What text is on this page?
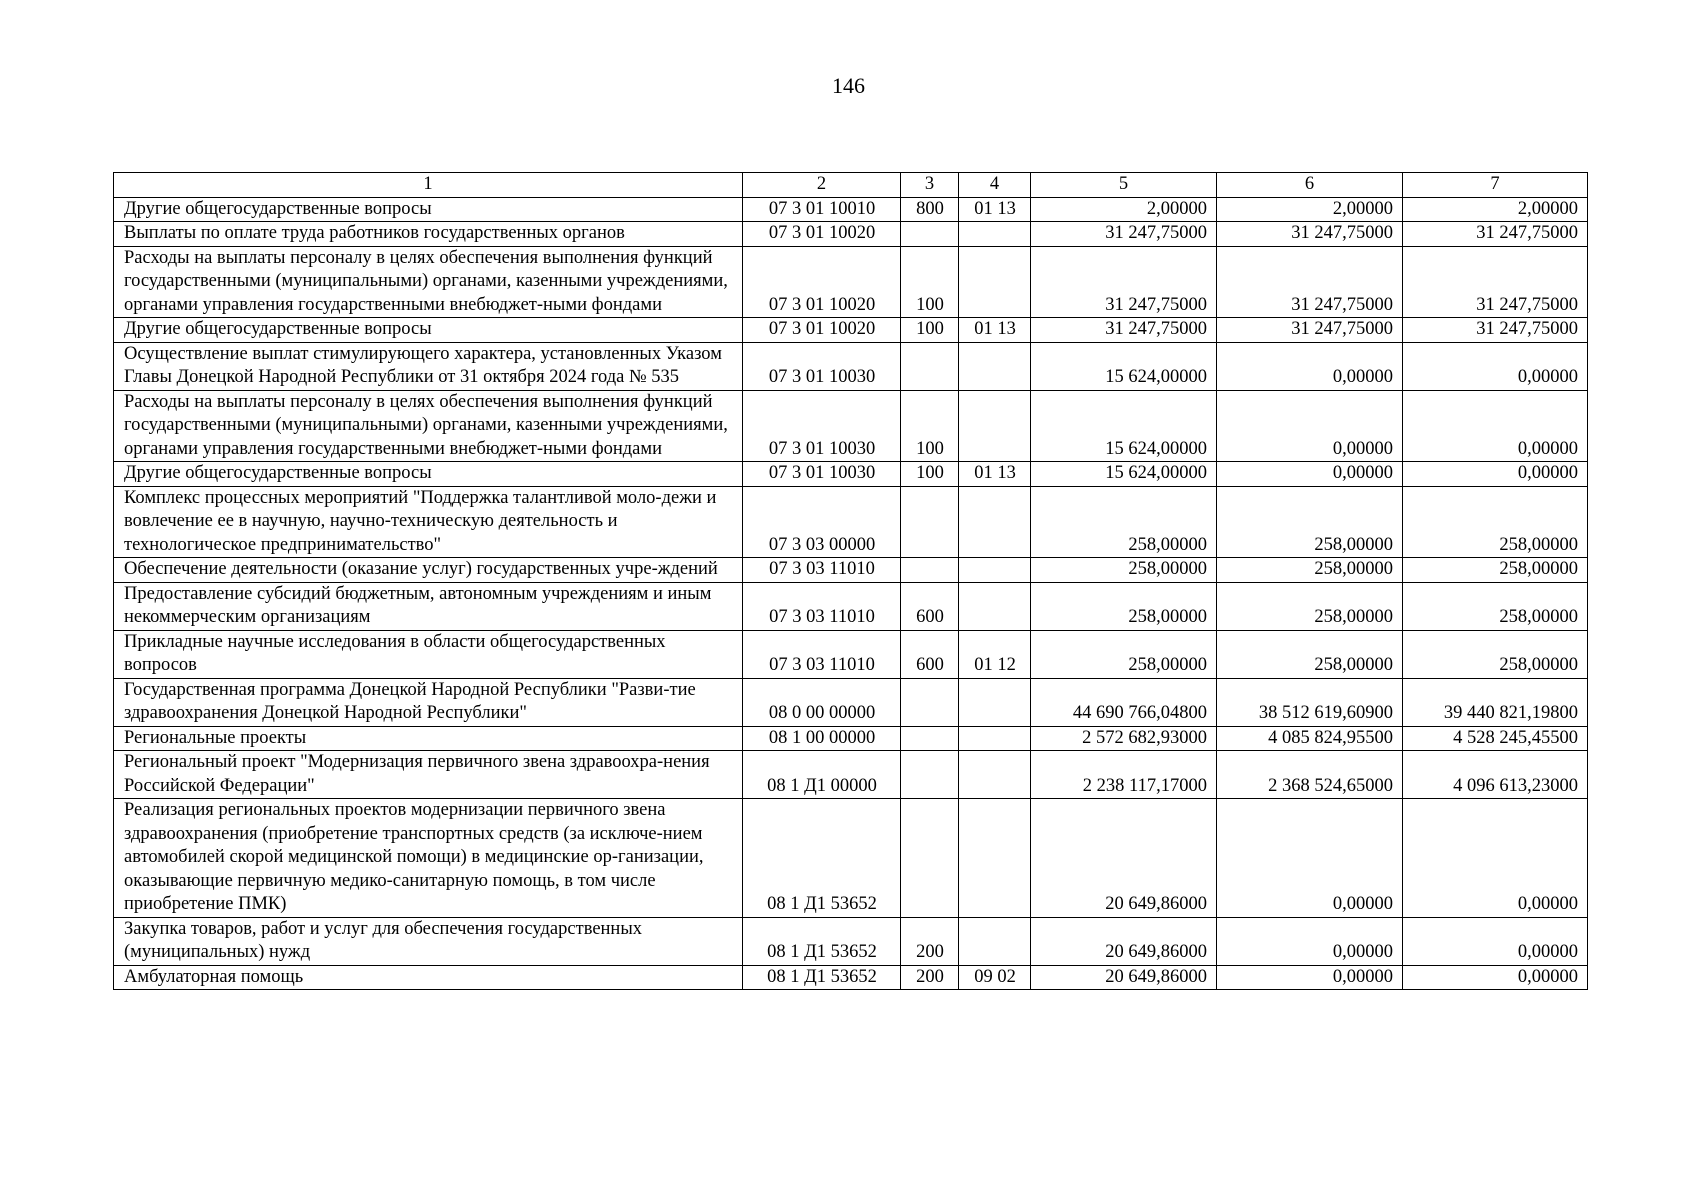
146
1	2	3	4	5	6	7
Другие общегосударственные вопросы	07 3 01 10010	800	01 13	2,00000	2,00000	2,00000
Выплаты по оплате труда работников государственных органов	07 3 01 10020			31 247,75000	31 247,75000	31 247,75000
Расходы на выплаты персоналу в целях обеспечения выполнения функций государственными (муниципальными) органами, казенными учреждениями, органами управления государственными внебюджет-ными фондами	07 3 01 10020	100		31 247,75000	31 247,75000	31 247,75000
Другие общегосударственные вопросы	07 3 01 10020	100	01 13	31 247,75000	31 247,75000	31 247,75000
Осуществление выплат стимулирующего характера, установленных Указом Главы Донецкой Народной Республики от 31 октября 2024 года № 535	07 3 01 10030			15 624,00000	0,00000	0,00000
Расходы на выплаты персоналу в целях обеспечения выполнения функций государственными (муниципальными) органами, казенными учреждениями, органами управления государственными внебюджет-ными фондами	07 3 01 10030	100		15 624,00000	0,00000	0,00000
Другие общегосударственные вопросы	07 3 01 10030	100	01 13	15 624,00000	0,00000	0,00000
Комплекс процессных мероприятий "Поддержка талантливой моло-дежи и вовлечение ее в научную, научно-техническую деятельность и технологическое предпринимательство"	07 3 03 00000			258,00000	258,00000	258,00000
Обеспечение деятельности (оказание услуг) государственных учре-ждений	07 3 03 11010			258,00000	258,00000	258,00000
Предоставление субсидий бюджетным, автономным учреждениям и иным некоммерческим организациям	07 3 03 11010	600		258,00000	258,00000	258,00000
Прикладные научные исследования в области общегосударственных вопросов	07 3 03 11010	600	01 12	258,00000	258,00000	258,00000
Государственная программа Донецкой Народной Республики "Разви-тие здравоохранения Донецкой Народной Республики"	08 0 00 00000			44 690 766,04800	38 512 619,60900	39 440 821,19800
Региональные проекты	08 1 00 00000			2 572 682,93000	4 085 824,95500	4 528 245,45500
Региональный проект "Модернизация первичного звена здравоохра-нения Российской Федерации"	08 1 Д1 00000			2 238 117,17000	2 368 524,65000	4 096 613,23000
Реализация региональных проектов модернизации первичного звена здравоохранения (приобретение транспортных средств (за исключе-нием автомобилей скорой медицинской помощи) в медицинские ор-ганизации, оказывающие первичную медико-санитарную помощь, в том числе приобретение ПМК)	08 1 Д1 53652			20 649,86000	0,00000	0,00000
Закупка товаров, работ и услуг для обеспечения государственных (муниципальных) нужд	08 1 Д1 53652	200		20 649,86000	0,00000	0,00000
Амбулаторная помощь	08 1 Д1 53652	200	09 02	20 649,86000	0,00000	0,00000
